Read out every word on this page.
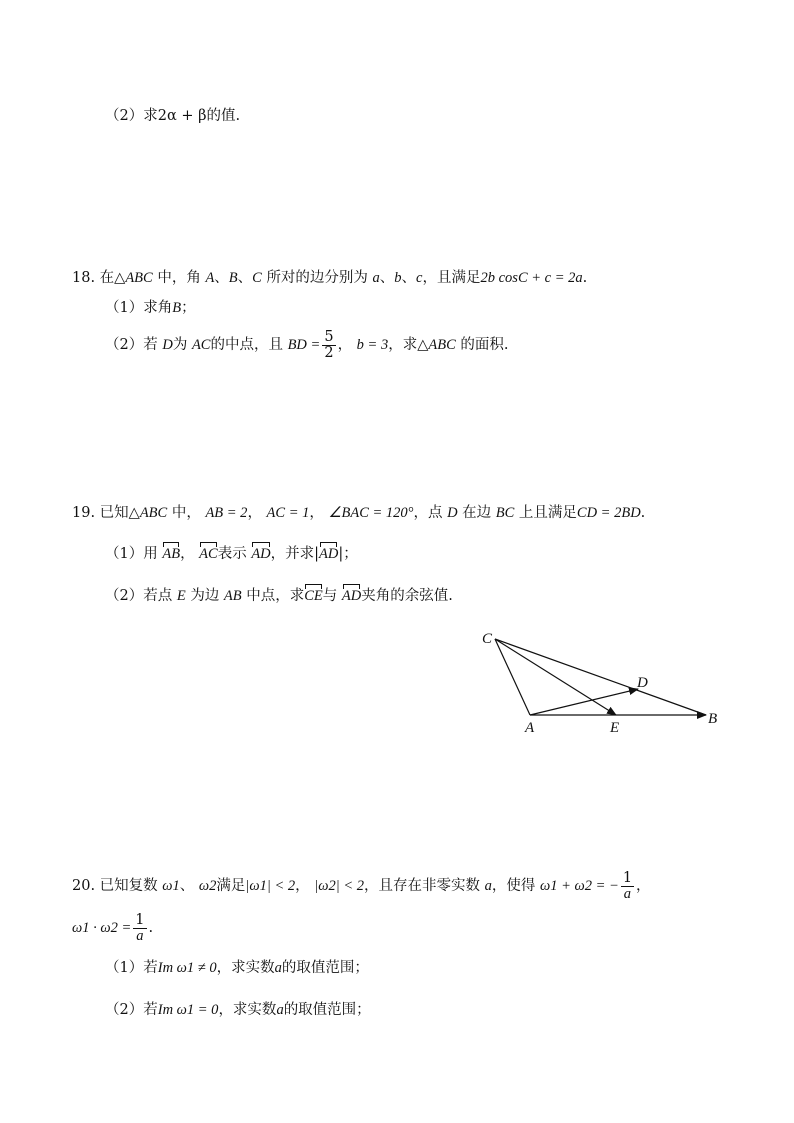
（2）求2α + β的值.
18. 在△ABC 中，角 A、B、C 所对的边分别为 a、b、c，且满足2b cosC + c = 2a.
（1）求角B；
（2）若 D为 AC的中点，且 BD = $\frac{5}{2}$ ， b = 3，求△ABC 的面积.
19. 已知△ABC 中， AB = 2， AC = 1， ∠BAC = 120°，点 D 在边 BC 上且满足CD = 2BD.
（1）用 AB， AC表示 AD，并求|AD|；
（2）若点 E 为边 AB 中点，求CE与 AD夹角的余弦值.
C
D
A	E
B
20. 已知复数 ω1、 ω2满足|ω1| < 2， |ω2| < 2，且存在非零实数 a，使得 ω1 + ω2 = − $\frac{1}{a}$ ，
$\omega 1 \cdot \omega 2 = \frac{1}{a}$ .
（1）若Im ω1 ≠ 0，求实数a的取值范围；
（2）若Im ω1 = 0，求实数a的取值范围；
